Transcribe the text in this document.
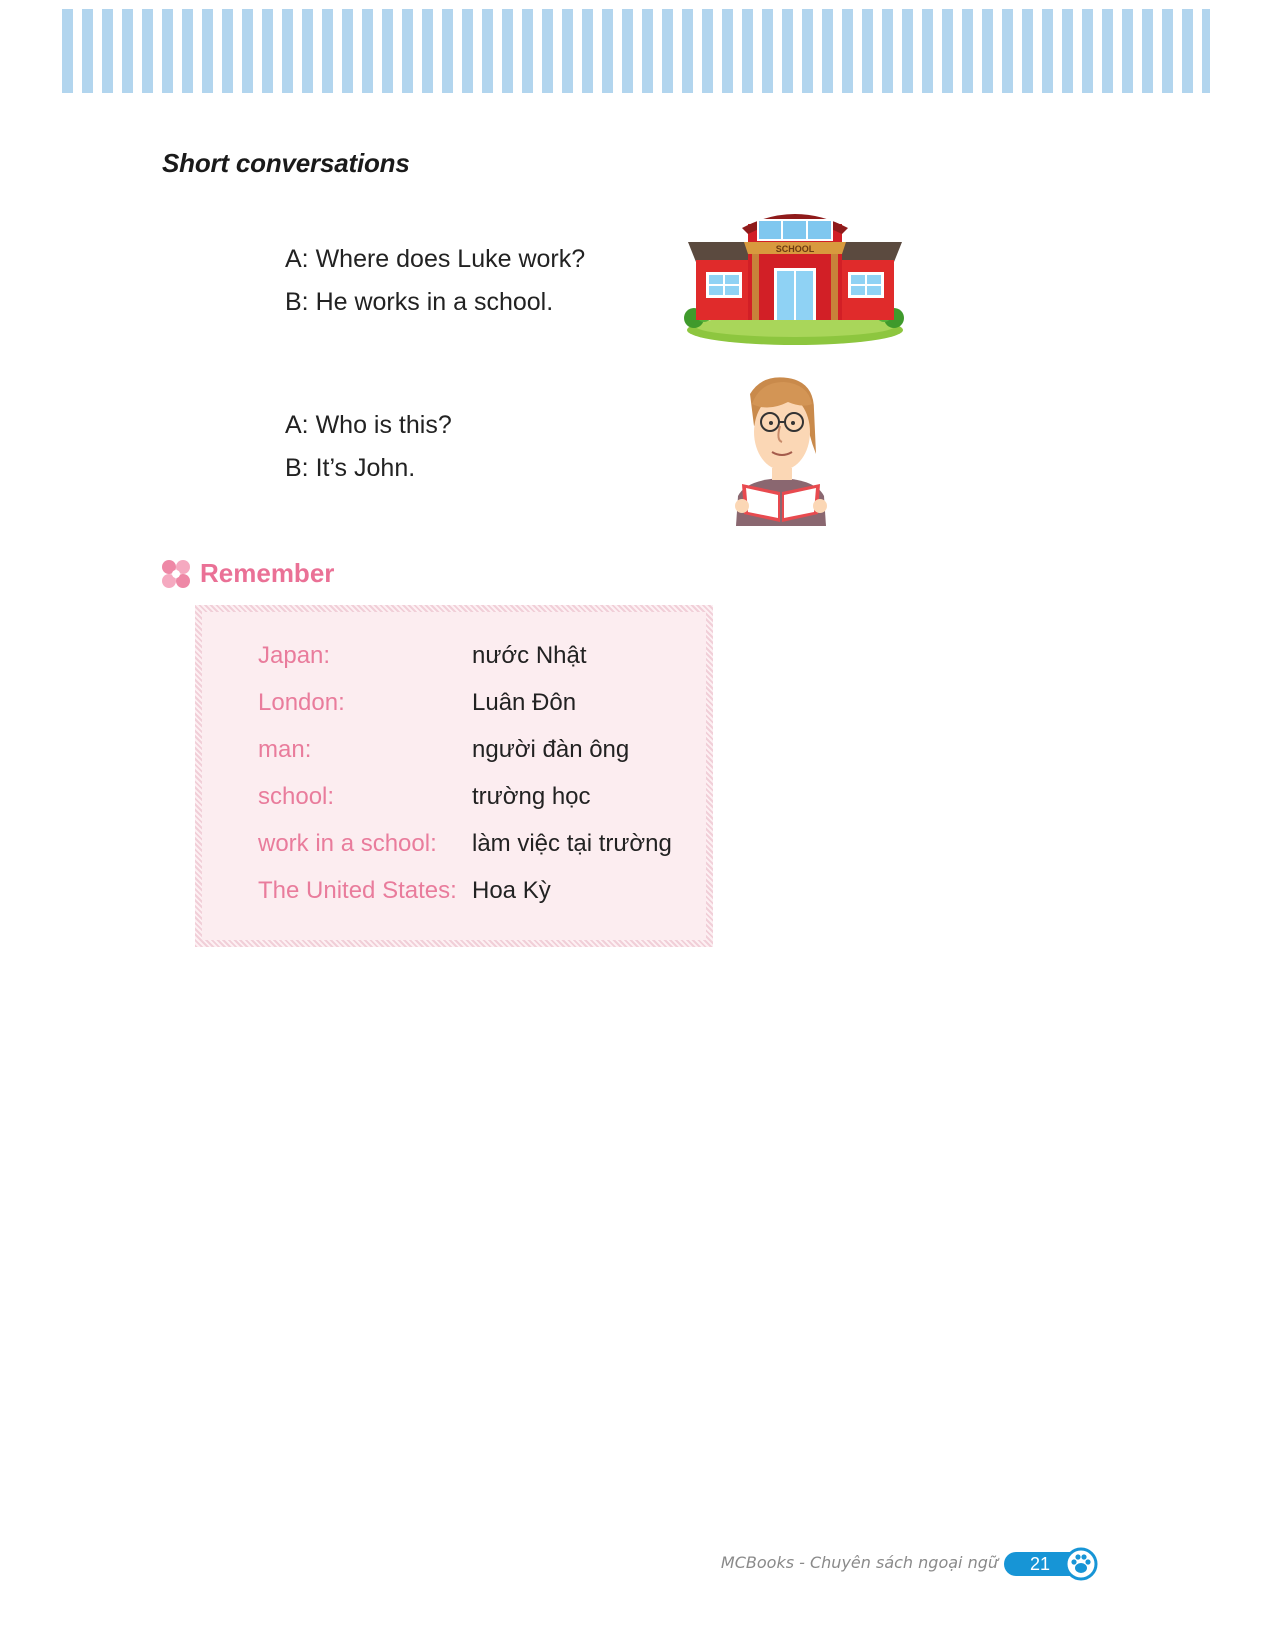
Short conversations
A: Where does Luke work?
B: He works in a school.
SCHOOL
A: Who is this?
B: It’s John.
Remember
Japan:	nước Nhật
London:	Luân Đôn
man:	người đàn ông
school:	trường học
work in a school: làm việc tại trường
The United States: Hoa Kỳ
MCBooks - Chuyên sách ngoại ngữ	21
